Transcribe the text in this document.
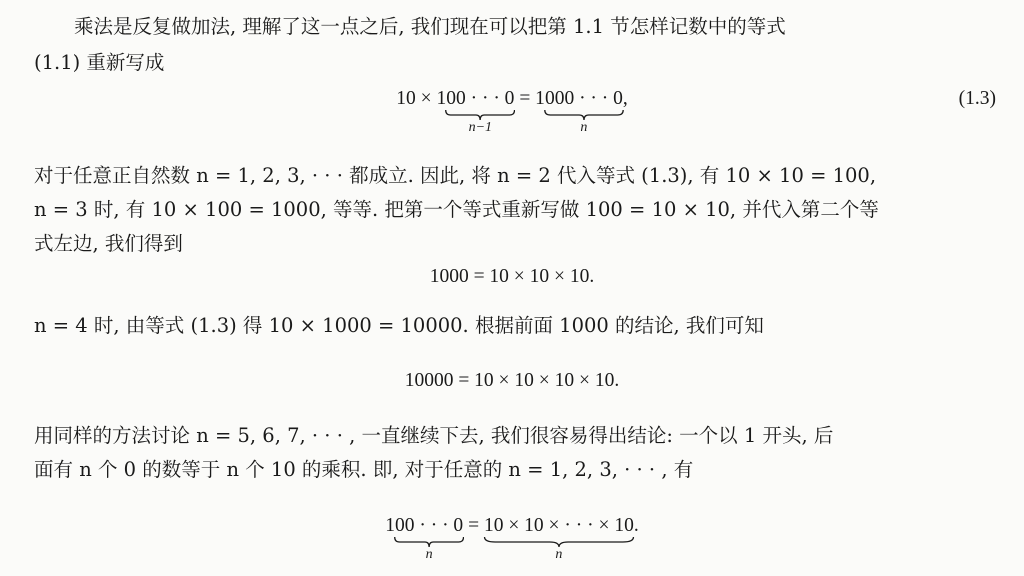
乘法是反复做加法, 理解了这一点之后, 我们现在可以把第 1.1 节怎样记数中的等式
(1.1) 重新写成
10 × 100 · · · 0
n−1
= 1000 · · · 0
n
,	(1.3)
对于任意正自然数 n = 1, 2, 3, · · · 都成立. 因此, 将 n = 2 代入等式 (1.3), 有 10 × 10 = 100,
n = 3 时, 有 10 × 100 = 1000, 等等. 把第一个等式重新写做 100 = 10 × 10, 并代入第二个等
式左边, 我们得到
1000 = 10 × 10 × 10.
n = 4 时, 由等式 (1.3) 得 10 × 1000 = 10000. 根据前面 1000 的结论, 我们可知
10000 = 10 × 10 × 10 × 10.
用同样的方法讨论 n = 5, 6, 7, · · · , 一直继续下去, 我们很容易得出结论: 一个以 1 开头, 后
面有 n 个 0 的数等于 n 个 10 的乘积. 即, 对于任意的 n = 1, 2, 3, · · · , 有
100 · · · 0
n
= 10 × 10 × · · · × 10
n
.
